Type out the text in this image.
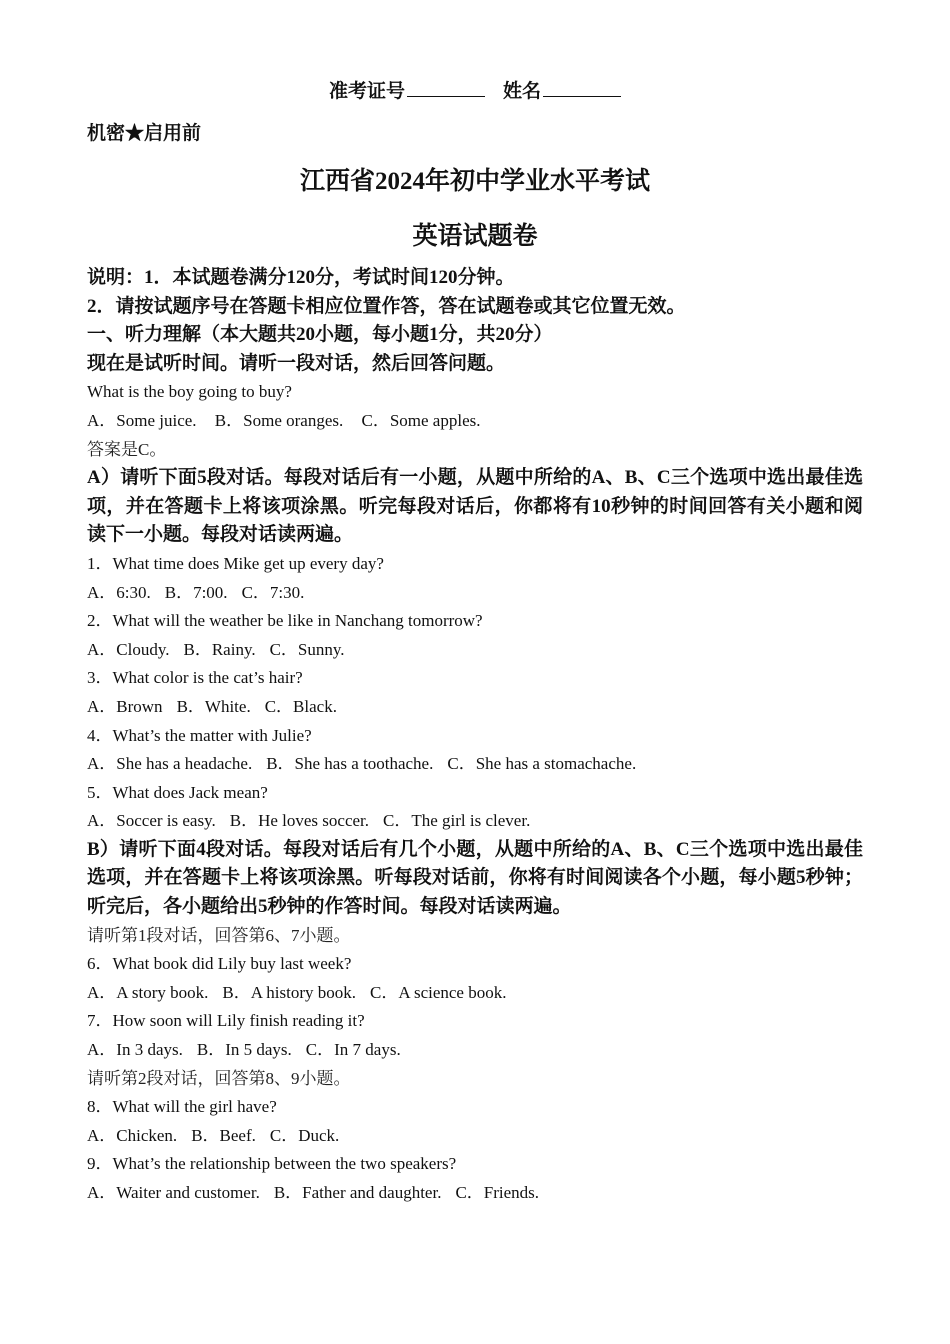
准考证号	姓名
机密★启用前
江西省2024年初中学业水平考试
英语试题卷
说明：1．本试题卷满分120分，考试时间120分钟。
2．请按试题序号在答题卡相应位置作答，答在试题卷或其它位置无效。
一、听力理解（本大题共20小题，每小题1分，共20分）
现在是试听时间。请听一段对话，然后回答问题。
What is the boy going to buy?
A．Some juice. B．Some oranges. C．Some apples.
答案是C。
A）请听下面5段对话。每段对话后有一小题，从题中所给的A、B、C三个选项中选出最佳选项，并在答题卡上将该项涂黑。听完每段对话后，你都将有10秒钟的时间回答有关小题和阅读下一小题。每段对话读两遍。
1．What time does Mike get up every day?
A．6:30. B．7:00. C．7:30.
2．What will the weather be like in Nanchang tomorrow?
A．Cloudy. B．Rainy. C．Sunny.
3．What color is the cat’s hair?
A．Brown B．White. C．Black.
4．What’s the matter with Julie?
A．She has a headache. B．She has a toothache. C．She has a stomachache.
5．What does Jack mean?
A．Soccer is easy. B．He loves soccer. C．The girl is clever.
B）请听下面4段对话。每段对话后有几个小题，从题中所给的A、B、C三个选项中选出最佳选项，并在答题卡上将该项涂黑。听每段对话前，你将有时间阅读各个小题，每小题5秒钟；听完后，各小题给出5秒钟的作答时间。每段对话读两遍。
请听第1段对话，回答第6、7小题。
6．What book did Lily buy last week?
A．A story book. B．A history book. C．A science book.
7．How soon will Lily finish reading it?
A．In 3 days. B．In 5 days. C．In 7 days.
请听第2段对话，回答第8、9小题。
8．What will the girl have?
A．Chicken. B．Beef. C．Duck.
9．What’s the relationship between the two speakers?
A．Waiter and customer. B．Father and daughter. C．Friends.
